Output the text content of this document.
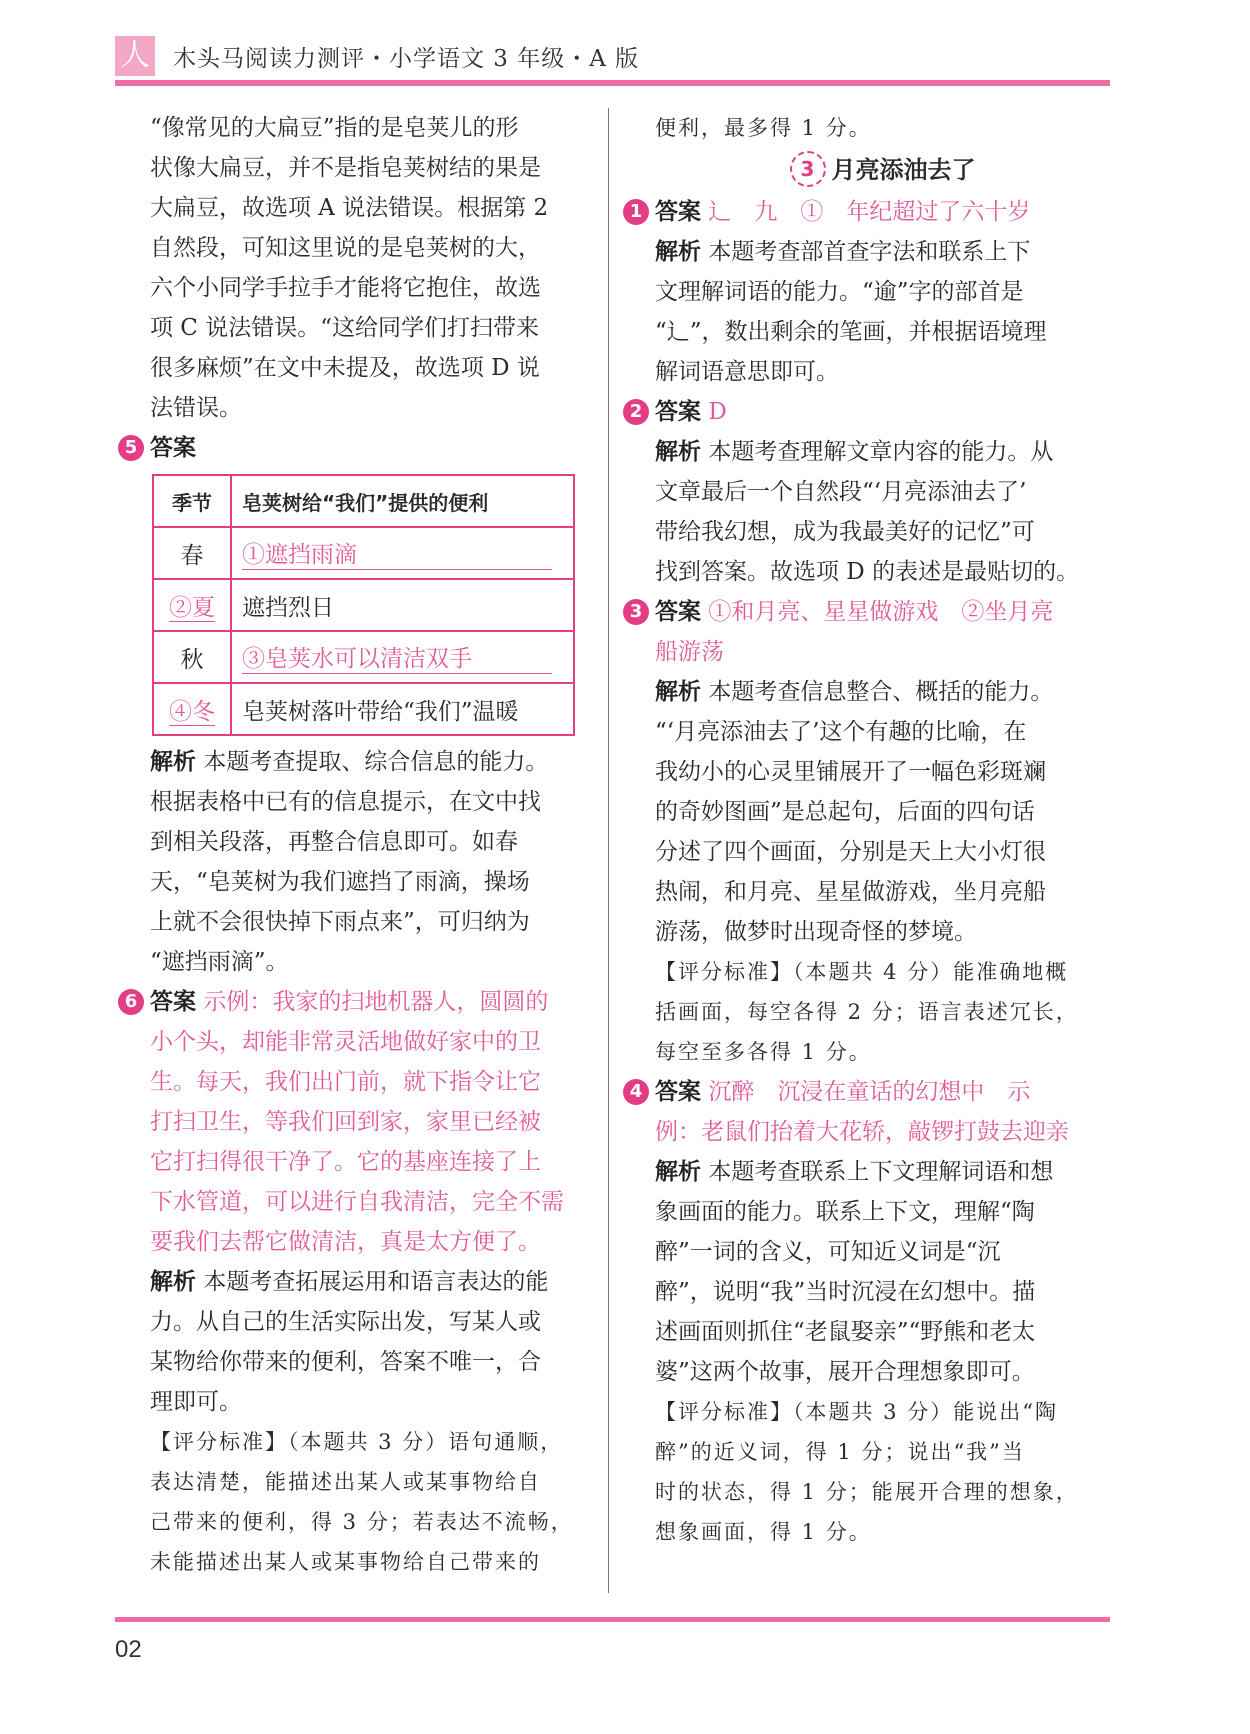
人 木头马阅读力测评・小学语文 3 年级・A 版

“像常见的大扁豆”指的是皂荚儿的形

状像大扁豆，并不是指皂荚树结的果是

大扁豆，故选项 A 说法错误。根据第 2

自然段，可知这里说的是皂荚树的大，

六个小同学手拉手才能将它抱住，故选

项 C 说法错误。“这给同学们打扫带来

很多麻烦”在文中未提及，故选项 D 说

法错误。

5 答案

季节	皂荚树给“我们”提供的便利
春	①遮挡雨滴
②夏	遮挡烈日
秋	③皂荚水可以清洁双手
④冬	皂荚树落叶带给“我们”温暖

解析 本题考查提取、综合信息的能力。

根据表格中已有的信息提示，在文中找

到相关段落，再整合信息即可。如春

天，“皂荚树为我们遮挡了雨滴，操场

上就不会很快掉下雨点来”，可归纳为

“遮挡雨滴”。

6 答案 示例：我家的扫地机器人，圆圆的

小个头，却能非常灵活地做好家中的卫

生。每天，我们出门前，就下指令让它

打扫卫生，等我们回到家，家里已经被

它打扫得很干净了。它的基座连接了上

下水管道，可以进行自我清洁，完全不需

要我们去帮它做清洁，真是太方便了。

解析 本题考查拓展运用和语言表达的能

力。从自己的生活实际出发，写某人或

某物给你带来的便利，答案不唯一，合

理即可。

【评分标准】（本题共 3 分）语句通顺，

表达清楚，能描述出某人或某事物给自

己带来的便利，得 3 分；若表达不流畅，

未能描述出某人或某事物给自己带来的

便利，最多得 1 分。

3 月亮添油去了

1 答案 辶　九　①　年纪超过了六十岁

解析 本题考查部首查字法和联系上下

文理解词语的能力。“逾”字的部首是

“辶”，数出剩余的笔画，并根据语境理

解词语意思即可。

2 答案 D

解析 本题考查理解文章内容的能力。从

文章最后一个自然段“‘月亮添油去了’

带给我幻想，成为我最美好的记忆”可

找到答案。故选项 D 的表述是最贴切的。

3 答案 ①和月亮、星星做游戏　②坐月亮

船游荡

解析 本题考查信息整合、概括的能力。

“‘月亮添油去了’这个有趣的比喻，在

我幼小的心灵里铺展开了一幅色彩斑斓

的奇妙图画”是总起句，后面的四句话

分述了四个画面，分别是天上大小灯很

热闹，和月亮、星星做游戏，坐月亮船

游荡，做梦时出现奇怪的梦境。

【评分标准】（本题共 4 分）能准确地概

括画面，每空各得 2 分；语言表述冗长，

每空至多各得 1 分。

4 答案 沉醉　沉浸在童话的幻想中　示

例：老鼠们抬着大花轿，敲锣打鼓去迎亲

解析 本题考查联系上下文理解词语和想

象画面的能力。联系上下文，理解“陶

醉”一词的含义，可知近义词是“沉

醉”，说明“我”当时沉浸在幻想中。描

述画面则抓住“老鼠娶亲”“野熊和老太

婆”这两个故事，展开合理想象即可。

【评分标准】（本题共 3 分）能说出“陶

醉”的近义词，得 1 分；说出“我”当

时的状态，得 1 分；能展开合理的想象，

想象画面，得 1 分。

02
